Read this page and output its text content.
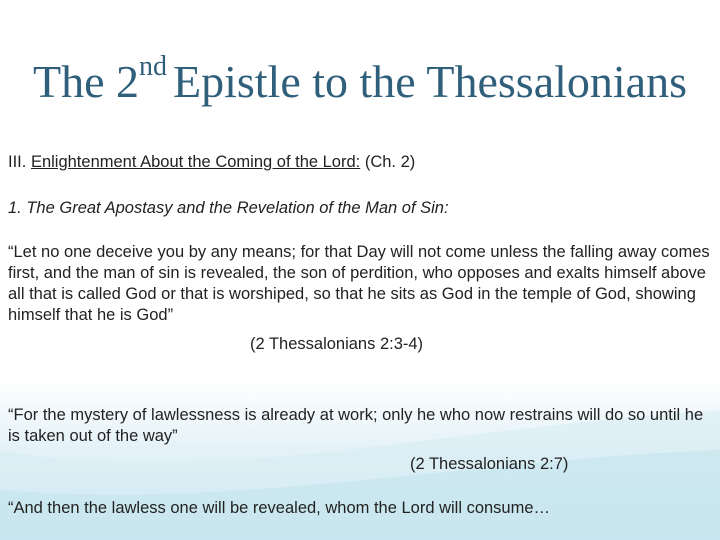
The 2nd Epistle to the Thessalonians
III. Enlightenment About the Coming of the Lord: (Ch. 2)
1. The Great Apostasy and the Revelation of the Man of Sin:
“Let no one deceive you by any means; for that Day will not come unless the falling away comes first, and the man of sin is revealed, the son of perdition, who opposes and exalts himself above all that is called God or that is worshiped, so that he sits as God in the temple of God, showing himself that he is God”
(2 Thessalonians 2:3-4)
“For the mystery of lawlessness is already at work; only he who now restrains will do so until he is taken out of the way”
(2 Thessalonians 2:7)
“And then the lawless one will be revealed, whom the Lord will consume…
